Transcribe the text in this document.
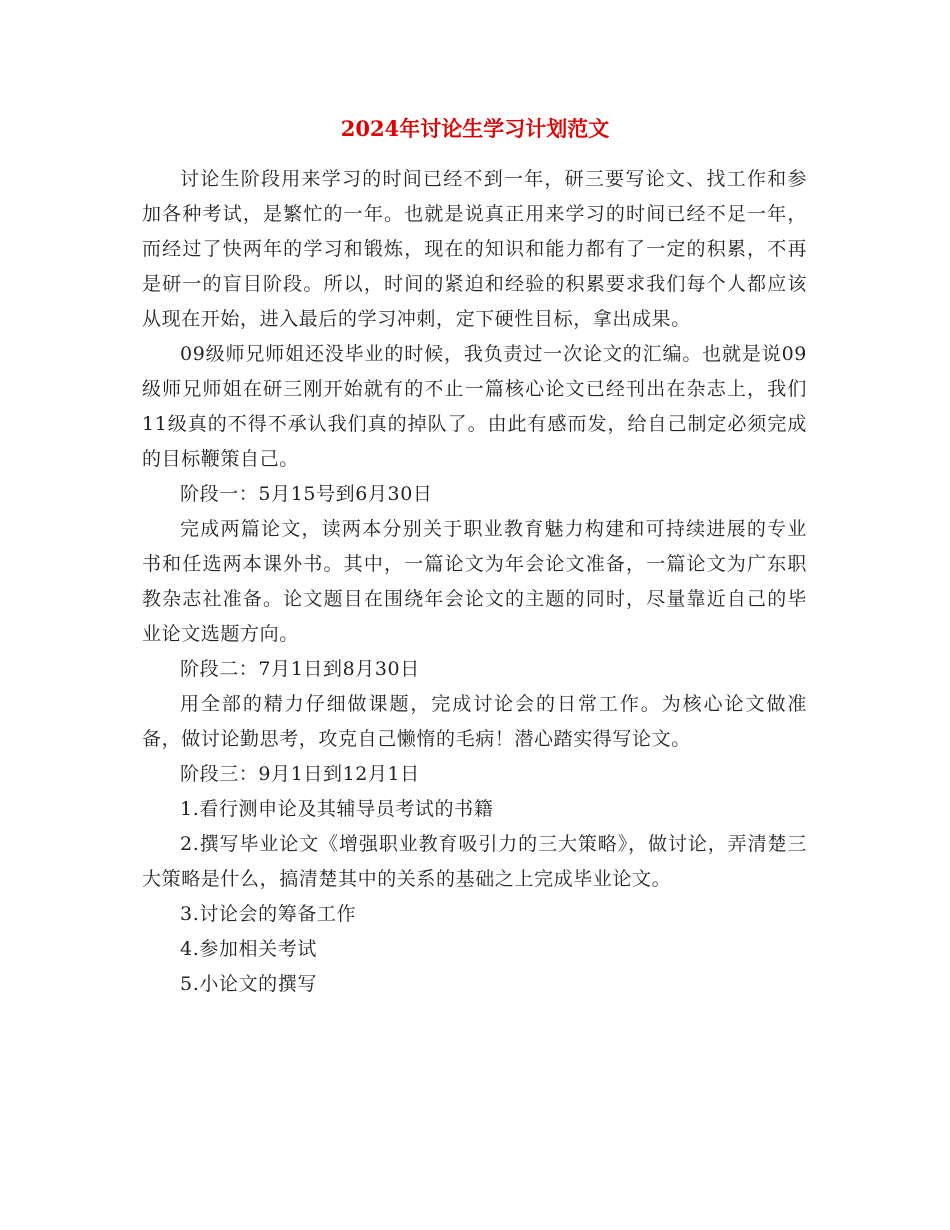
2024年讨论生学习计划范文

讨论生阶段用来学习的时间已经不到一年，研三要写论文、找工作和参加各种考试，是繁忙的一年。也就是说真正用来学习的时间已经不足一年，而经过了快两年的学习和锻炼，现在的知识和能力都有了一定的积累，不再是研一的盲目阶段。所以，时间的紧迫和经验的积累要求我们每个人都应该从现在开始，进入最后的学习冲刺，定下硬性目标，拿出成果。

09级师兄师姐还没毕业的时候，我负责过一次论文的汇编。也就是说09级师兄师姐在研三刚开始就有的不止一篇核心论文已经刊出在杂志上，我们11级真的不得不承认我们真的掉队了。由此有感而发，给自己制定必须完成的目标鞭策自己。

阶段一：5月15号到6月30日

完成两篇论文，读两本分别关于职业教育魅力构建和可持续进展的专业书和任选两本课外书。其中，一篇论文为年会论文准备，一篇论文为广东职教杂志社准备。论文题目在围绕年会论文的主题的同时，尽量靠近自己的毕业论文选题方向。

阶段二：7月1日到8月30日

用全部的精力仔细做课题，完成讨论会的日常工作。为核心论文做准备，做讨论勤思考，攻克自己懒惰的毛病！潜心踏实得写论文。

阶段三：9月1日到12月1日

1.看行测申论及其辅导员考试的书籍

2.撰写毕业论文《增强职业教育吸引力的三大策略》，做讨论，弄清楚三大策略是什么，搞清楚其中的关系的基础之上完成毕业论文。

3.讨论会的筹备工作

4.参加相关考试

5.小论文的撰写
